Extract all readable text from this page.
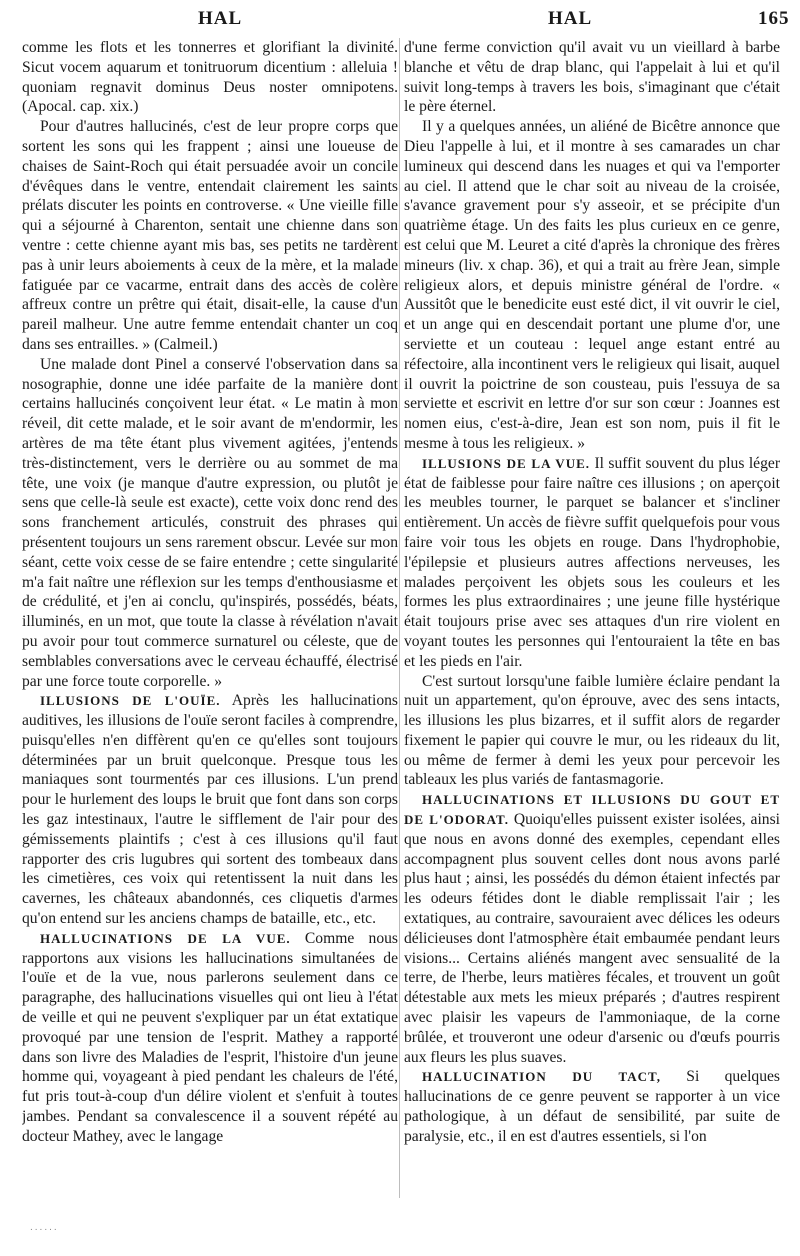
HAL	HAL	165

comme les flots et les tonnerres et glorifiant la divinité. Sicut vocem aquarum et tonitruorum dicentium : alleluia ! quoniam regnavit dominus Deus noster omnipotens. (Apocal. cap. xix.)

Pour d'autres hallucinés, c'est de leur propre corps que sortent les sons qui les frappent ; ainsi une loueuse de chaises de Saint-Roch qui était persuadée avoir un concile d'évêques dans le ventre, entendait clairement les saints prélats discuter les points en controverse. « Une vieille fille qui a séjourné à Charenton, sentait une chienne dans son ventre : cette chienne ayant mis bas, ses petits ne tardèrent pas à unir leurs aboiements à ceux de la mère, et la malade fatiguée par ce vacarme, entrait dans des accès de colère affreux contre un prêtre qui était, disait-elle, la cause d'un pareil malheur. Une autre femme entendait chanter un coq dans ses entrailles. » (Calmeil.)

Une malade dont Pinel a conservé l'observation dans sa nosographie, donne une idée parfaite de la manière dont certains hallucinés conçoivent leur état. « Le matin à mon réveil, dit cette malade, et le soir avant de m'endormir, les artères de ma tête étant plus vivement agitées, j'entends très-distinctement, vers le derrière ou au sommet de ma tête, une voix (je manque d'autre expression, ou plutôt je sens que celle-là seule est exacte), cette voix donc rend des sons franchement articulés, construit des phrases qui présentent toujours un sens rarement obscur. Levée sur mon séant, cette voix cesse de se faire entendre ; cette singularité m'a fait naître une réflexion sur les temps d'enthousiasme et de crédulité, et j'en ai conclu, qu'inspirés, possédés, béats, illuminés, en un mot, que toute la classe à révélation n'avait pu avoir pour tout commerce surnaturel ou céleste, que de semblables conversations avec le cerveau échauffé, électrisé par une force toute corporelle. »

ILLUSIONS DE L'OUÏE. Après les hallucinations auditives, les illusions de l'ouïe seront faciles à comprendre, puisqu'elles n'en diffèrent qu'en ce qu'elles sont toujours déterminées par un bruit quelconque. Presque tous les maniaques sont tourmentés par ces illusions. L'un prend pour le hurlement des loups le bruit que font dans son corps les gaz intestinaux, l'autre le sifflement de l'air pour des gémissements plaintifs ; c'est à ces illusions qu'il faut rapporter des cris lugubres qui sortent des tombeaux dans les cimetières, ces voix qui retentissent la nuit dans les cavernes, les châteaux abandonnés, ces cliquetis d'armes qu'on entend sur les anciens champs de bataille, etc., etc.

HALLUCINATIONS DE LA VUE. Comme nous rapportons aux visions les hallucinations simultanées de l'ouïe et de la vue, nous parlerons seulement dans ce paragraphe, des hallucinations visuelles qui ont lieu à l'état de veille et qui ne peuvent s'expliquer par un état extatique provoqué par une tension de l'esprit. Mathey a rapporté dans son livre des Maladies de l'esprit, l'histoire d'un jeune homme qui, voyageant à pied pendant les chaleurs de l'été, fut pris tout-à-coup d'un délire violent et s'enfuit à toutes jambes. Pendant sa convalescence il a souvent répété au docteur Mathey, avec le langage

d'une ferme conviction qu'il avait vu un vieillard à barbe blanche et vêtu de drap blanc, qui l'appelait à lui et qu'il suivit long-temps à travers les bois, s'imaginant que c'était le père éternel.

Il y a quelques années, un aliéné de Bicêtre annonce que Dieu l'appelle à lui, et il montre à ses camarades un char lumineux qui descend dans les nuages et qui va l'emporter au ciel. Il attend que le char soit au niveau de la croisée, s'avance gravement pour s'y asseoir, et se précipite d'un quatrième étage. Un des faits les plus curieux en ce genre, est celui que M. Leuret a cité d'après la chronique des frères mineurs (liv. x chap. 36), et qui a trait au frère Jean, simple religieux alors, et depuis ministre général de l'ordre. « Aussitôt que le benedicite eust esté dict, il vit ouvrir le ciel, et un ange qui en descendait portant une plume d'or, une serviette et un couteau : lequel ange estant entré au réfectoire, alla incontinent vers le religieux qui lisait, auquel il ouvrit la poictrine de son cousteau, puis l'essuya de sa serviette et escrivit en lettre d'or sur son cœur : Joannes est nomen eius, c'est-à-dire, Jean est son nom, puis il fit le mesme à tous les religieux. »

ILLUSIONS DE LA VUE. Il suffit souvent du plus léger état de faiblesse pour faire naître ces illusions ; on aperçoit les meubles tourner, le parquet se balancer et s'incliner entièrement. Un accès de fièvre suffit quelquefois pour vous faire voir tous les objets en rouge. Dans l'hydrophobie, l'épilepsie et plusieurs autres affections nerveuses, les malades perçoivent les objets sous les couleurs et les formes les plus extraordinaires ; une jeune fille hystérique était toujours prise avec ses attaques d'un rire violent en voyant toutes les personnes qui l'entouraient la tête en bas et les pieds en l'air.

C'est surtout lorsqu'une faible lumière éclaire pendant la nuit un appartement, qu'on éprouve, avec des sens intacts, les illusions les plus bizarres, et il suffit alors de regarder fixement le papier qui couvre le mur, ou les rideaux du lit, ou même de fermer à demi les yeux pour percevoir les tableaux les plus variés de fantasmagorie.

HALLUCINATIONS ET ILLUSIONS DU GOUT ET DE L'ODORAT. Quoiqu'elles puissent exister isolées, ainsi que nous en avons donné des exemples, cependant elles accompagnent plus souvent celles dont nous avons parlé plus haut ; ainsi, les possédés du démon étaient infectés par les odeurs fétides dont le diable remplissait l'air ; les extatiques, au contraire, savouraient avec délices les odeurs délicieuses dont l'atmosphère était embaumée pendant leurs visions... Certains aliénés mangent avec sensualité de la terre, de l'herbe, leurs matières fécales, et trouvent un goût détestable aux mets les mieux préparés ; d'autres respirent avec plaisir les vapeurs de l'ammoniaque, de la corne brûlée, et trouveront une odeur d'arsenic ou d'œufs pourris aux fleurs les plus suaves.

HALLUCINATION DU TACT, Si quelques hallucinations de ce genre peuvent se rapporter à un vice pathologique, à un défaut de sensibilité, par suite de paralysie, etc., il en est d'autres essentiels, si l'on

......
